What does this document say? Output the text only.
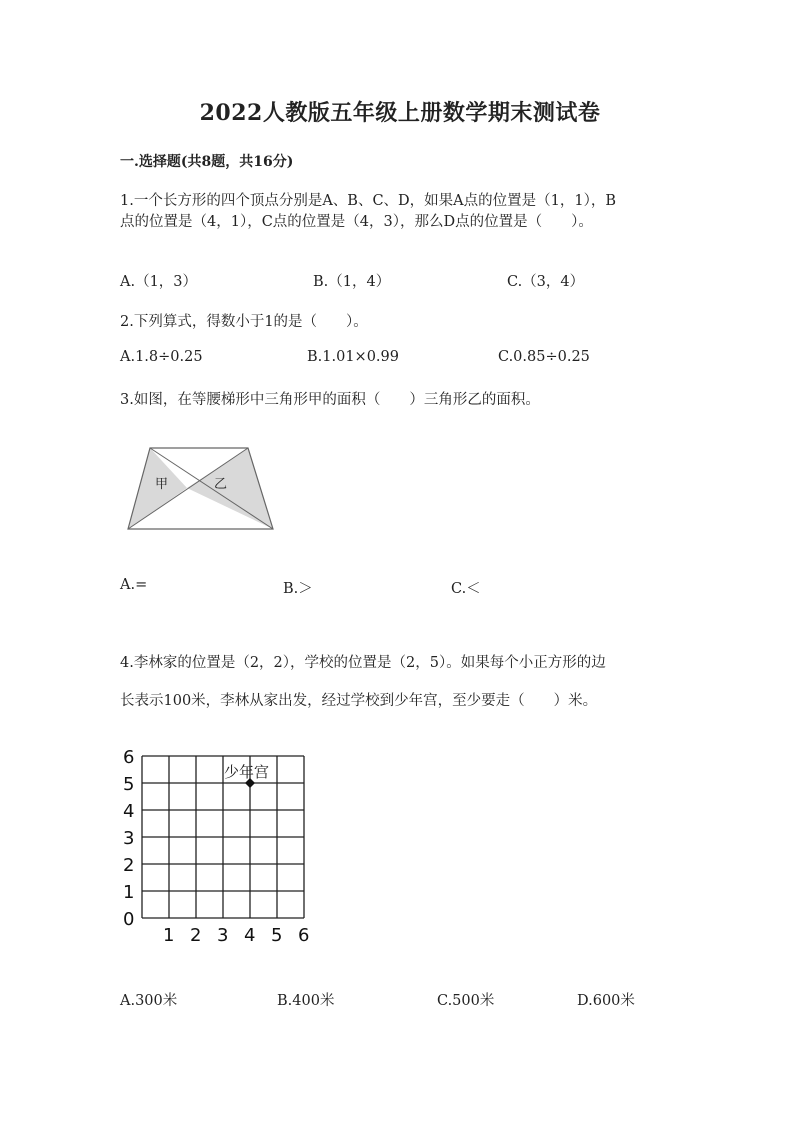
2022人教版五年级上册数学期末测试卷
一.选择题(共8题，共16分)
1.一个长方形的四个顶点分别是A、B、C、D，如果A点的位置是（1，1），B
点的位置是（4，1），C点的位置是（4，3），那么D点的位置是（　　）。
A.（1，3）	B.（1，4）	C.（3，4）
2.下列算式，得数小于1的是（　　）。
A.1.8÷0.25	B.1.01×0.99	C.0.85÷0.25
3.如图，在等腰梯形中三角形甲的面积（　　）三角形乙的面积。
甲	乙
A.=	B.＞	C.＜
4.李林家的位置是（2，2），学校的位置是（2，5）。如果每个小正方形的边
长表示100米，李林从家出发，经过学校到少年宫，至少要走（　　）米。
0
1
2
3
4
5
6
1 2 3 4 5 6
少年宫
A.300米	B.400米	C.500米	D.600米
